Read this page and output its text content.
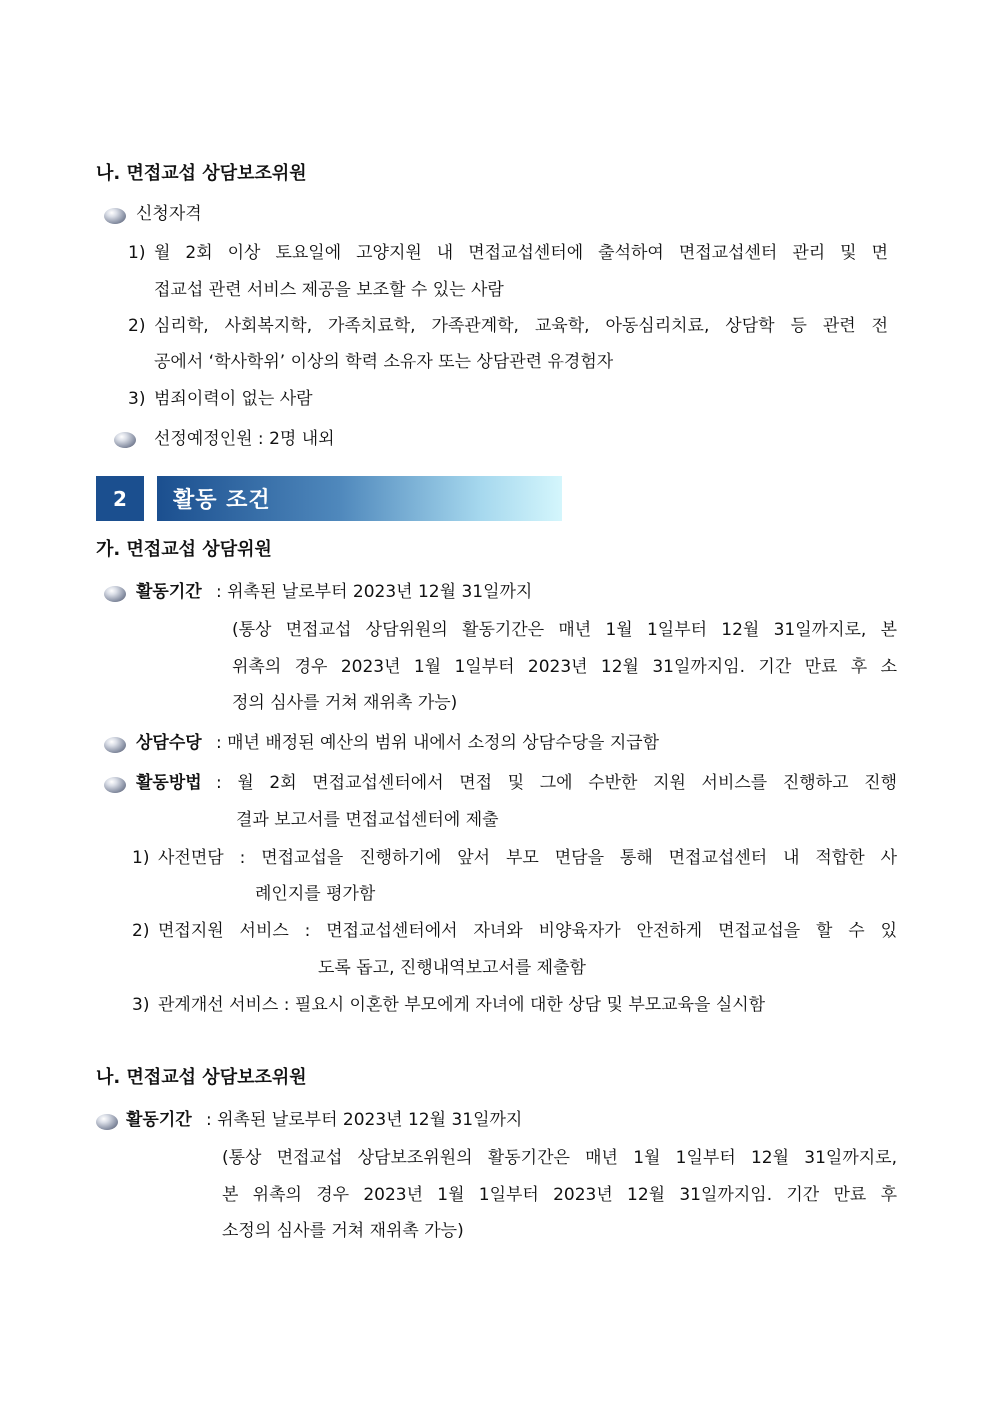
나. 면접교섭 상담보조위원
신청자격
1) 월 2회 이상 토요일에 고양지원 내 면접교섭센터에 출석하여 면접교섭센터 관리 및 면
접교섭 관련 서비스 제공을 보조할 수 있는 사람
2) 심리학, 사회복지학, 가족치료학, 가족관계학, 교육학, 아동심리치료, 상담학 등 관련 전
공에서 ‘학사학위’ 이상의 학력 소유자 또는 상담관련 유경험자
3) 범죄이력이 없는 사람
선정예정인원 : 2명 내외
2	활동 조건
가. 면접교섭 상담위원
활동기간 : 위촉된 날로부터 2023년 12월 31일까지
(통상 면접교섭 상담위원의 활동기간은 매년 1월 1일부터 12월 31일까지로, 본
위촉의 경우 2023년 1월 1일부터 2023년 12월 31일까지임. 기간 만료 후 소
정의 심사를 거쳐 재위촉 가능)
상담수당 : 매년 배정된 예산의 범위 내에서 소정의 상담수당을 지급함
활동방법 : 월 2회 면접교섭센터에서 면접 및 그에 수반한 지원 서비스를 진행하고 진행
결과 보고서를 면접교섭센터에 제출
1) 사전면담 : 면접교섭을 진행하기에 앞서 부모 면담을 통해 면접교섭센터 내 적합한 사
례인지를 평가함
2) 면접지원 서비스 : 면접교섭센터에서 자녀와 비양육자가 안전하게 면접교섭을 할 수 있
도록 돕고, 진행내역보고서를 제출함
3) 관계개선 서비스 : 필요시 이혼한 부모에게 자녀에 대한 상담 및 부모교육을 실시함
나. 면접교섭 상담보조위원
활동기간 : 위촉된 날로부터 2023년 12월 31일까지
(통상 면접교섭 상담보조위원의 활동기간은 매년 1월 1일부터 12월 31일까지로,
본 위촉의 경우 2023년 1월 1일부터 2023년 12월 31일까지임. 기간 만료 후
소정의 심사를 거쳐 재위촉 가능)
